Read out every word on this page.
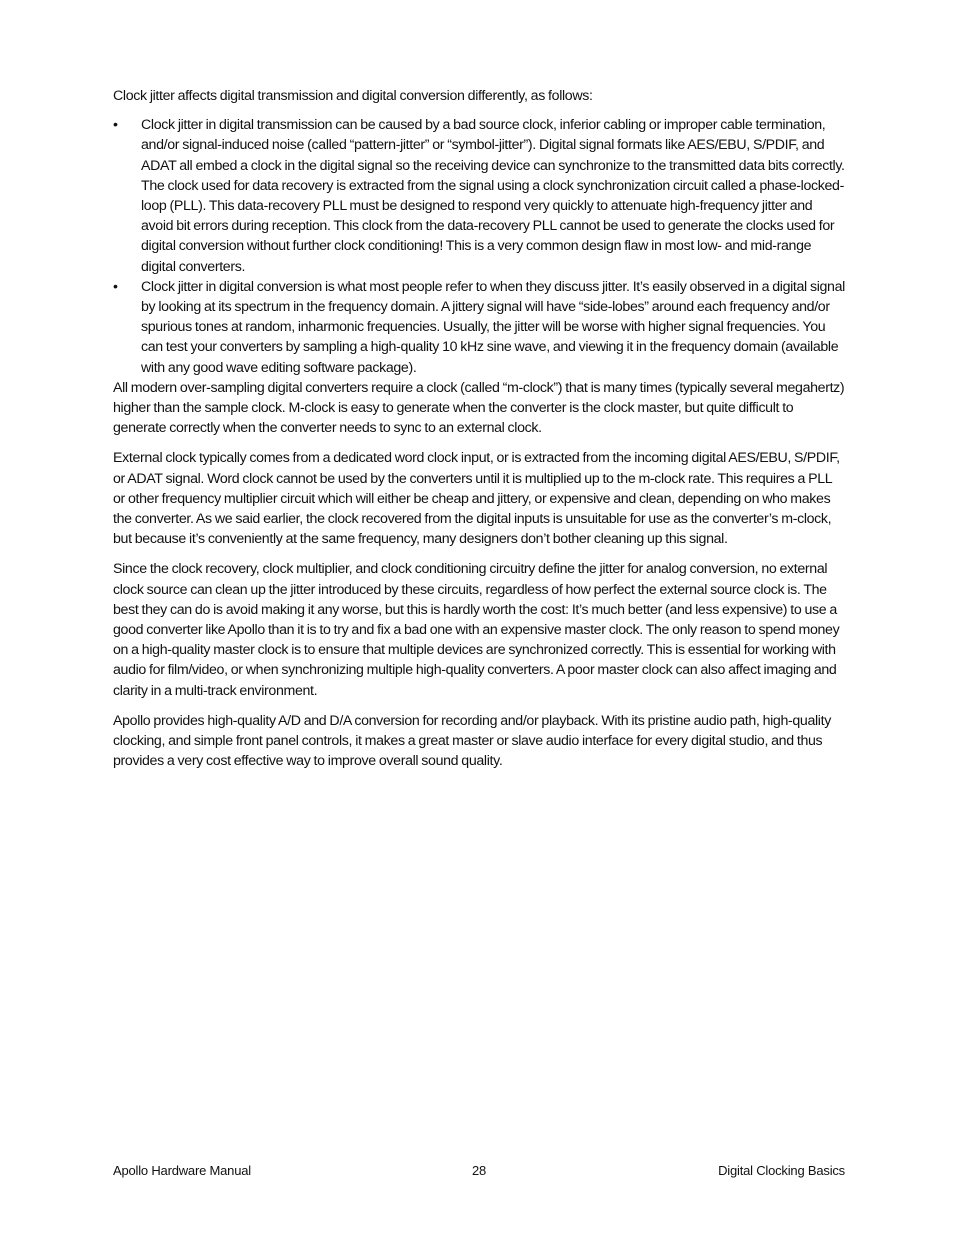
Clock jitter affects digital transmission and digital conversion differently, as follows:

• Clock jitter in digital transmission can be caused by a bad source clock, inferior cabling or improper cable termination, and/or signal-induced noise (called “pattern-jitter” or “symbol-jitter”). Digital signal formats like AES/EBU, S/PDIF, and ADAT all embed a clock in the digital signal so the receiving device can synchronize to the transmitted data bits correctly. The clock used for data recovery is extracted from the signal using a clock synchronization circuit called a phase-locked-loop (PLL). This data-recovery PLL must be designed to respond very quickly to attenuate high-frequency jitter and avoid bit errors during reception. This clock from the data-recovery PLL cannot be used to generate the clocks used for digital conversion without further clock conditioning! This is a very common design flaw in most low- and mid-range digital converters.
• Clock jitter in digital conversion is what most people refer to when they discuss jitter. It’s easily observed in a digital signal by looking at its spectrum in the frequency domain. A jittery signal will have “side-lobes” around each frequency and/or spurious tones at random, inharmonic frequencies. Usually, the jitter will be worse with higher signal frequencies. You can test your converters by sampling a high-quality 10 kHz sine wave, and viewing it in the frequency domain (available with any good wave editing software package).

All modern over-sampling digital converters require a clock (called “m-clock”) that is many times (typically several megahertz) higher than the sample clock. M-clock is easy to generate when the converter is the clock master, but quite difficult to generate correctly when the converter needs to sync to an external clock.

External clock typically comes from a dedicated word clock input, or is extracted from the incoming digital AES/EBU, S/PDIF, or ADAT signal. Word clock cannot be used by the converters until it is multiplied up to the m-clock rate. This requires a PLL or other frequency multiplier circuit which will either be cheap and jittery, or expensive and clean, depending on who makes the converter. As we said earlier, the clock recovered from the digital inputs is unsuitable for use as the converter’s m-clock, but because it’s conveniently at the same frequency, many designers don’t bother cleaning up this signal.

Since the clock recovery, clock multiplier, and clock conditioning circuitry define the jitter for analog conversion, no external clock source can clean up the jitter introduced by these circuits, regardless of how perfect the external source clock is. The best they can do is avoid making it any worse, but this is hardly worth the cost: It’s much better (and less expensive) to use a good converter like Apollo than it is to try and fix a bad one with an expensive master clock. The only reason to spend money on a high-quality master clock is to ensure that multiple devices are synchronized correctly. This is essential for working with audio for film/video, or when synchronizing multiple high-quality converters. A poor master clock can also affect imaging and clarity in a multi-track environment.

Apollo provides high-quality A/D and D/A conversion for recording and/or playback. With its pristine audio path, high-quality clocking, and simple front panel controls, it makes a great master or slave audio interface for every digital studio, and thus provides a very cost effective way to improve overall sound quality.

Apollo Hardware Manual	28	Digital Clocking Basics
